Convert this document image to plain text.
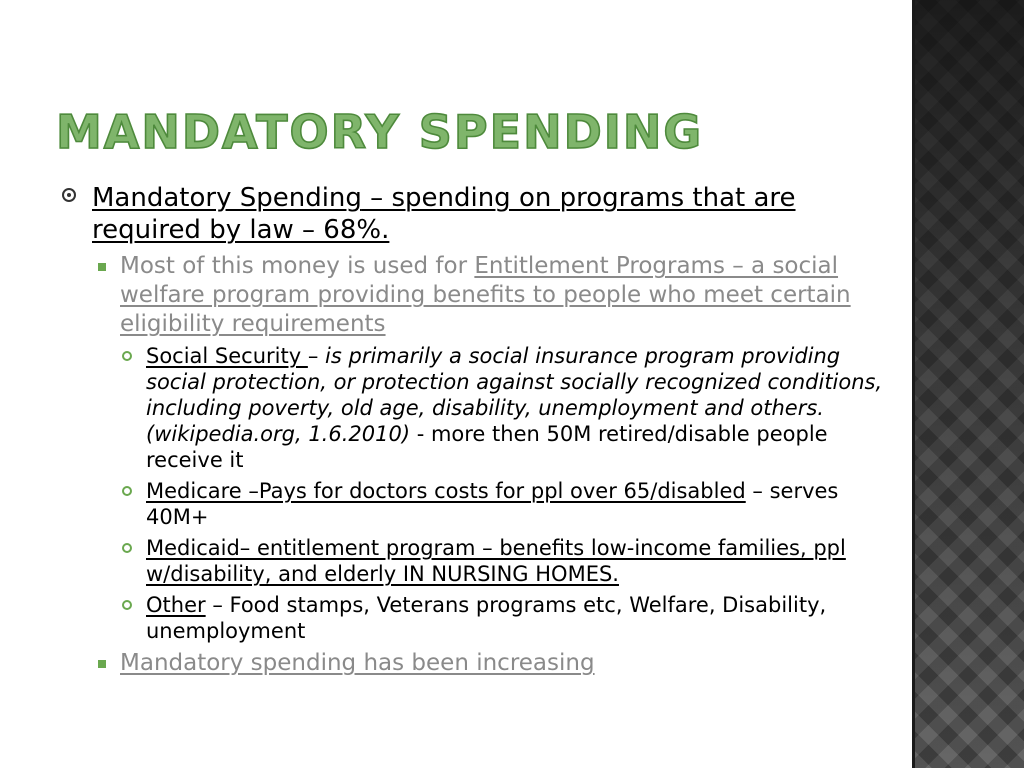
MANDATORY SPENDING
Mandatory Spending – spending on programs that are required by law – 68%.
Most of this money is used for Entitlement Programs – a social welfare program providing benefits to people who meet certain eligibility requirements
Social Security – is primarily a social insurance program providing social protection, or protection against socially recognized conditions, including poverty, old age, disability, unemployment and others.(wikipedia.org, 1.6.2010) - more then 50M retired/disable people receive it
Medicare –Pays for doctors costs for ppl over 65/disabled – serves 40M+
Medicaid– entitlement program – benefits low-income families, ppl w/disability, and elderly IN NURSING HOMES.
Other – Food stamps, Veterans programs etc, Welfare, Disability, unemployment
Mandatory spending has been increasing
